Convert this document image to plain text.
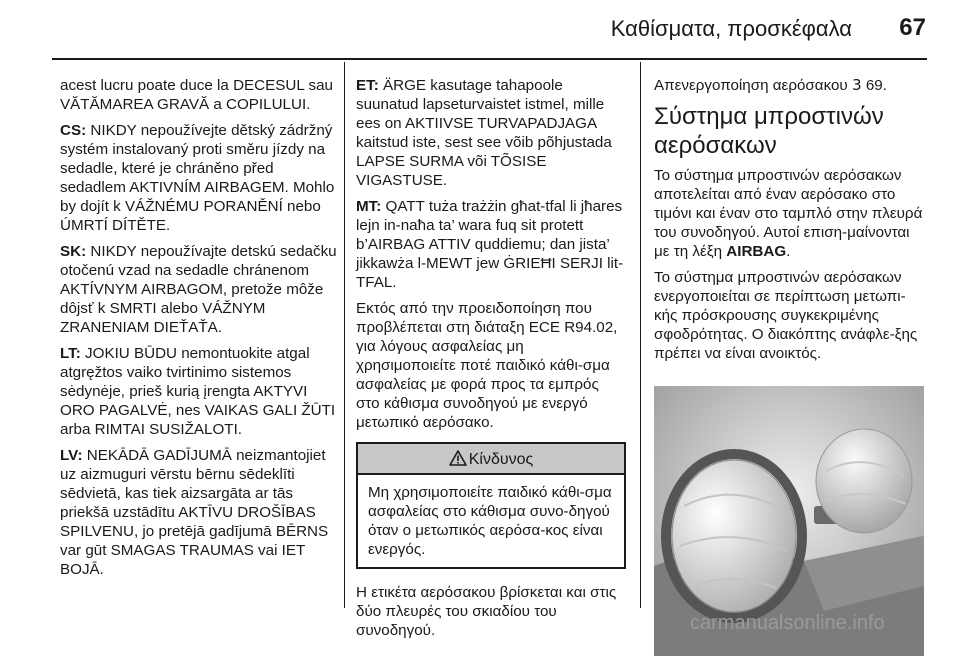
Καθίσματα, προσκέφαλα 67

acest lucru poate duce la DECESUL sau VĂTĂMAREA GRAVĂ a COPILULUI.

CS: NIKDY nepoužívejte dětský zádržný systém instalovaný proti směru jízdy na sedadle, které je chráněno před sedadlem AKTIVNÍM AIRBAGEM. Mohlo by dojít k VÁŽNÉMU PORANĚNÍ nebo ÚMRTÍ DÍTĚTE.

SK: NIKDY nepoužívajte detskú sedačku otočenú vzad na sedadle chránenom AKTÍVNYM AIRBAGOM, pretože môže dôjsť k SMRTI alebo VÁŽNYM ZRANENIAM DIEŤAŤA.

LT: JOKIU BŪDU nemontuokite atgal atgręžtos vaiko tvirtinimo sistemos sėdynėje, prieš kurią įrengta AKTYVI ORO PAGALVĖ, nes VAIKAS GALI ŽŪTI arba RIMTAI SUSIŽALOTI.

LV: NEKĀDĀ GADĪJUMĀ neizmantojiet uz aizmuguri vērstu bērnu sēdeklīti sēdvietā, kas tiek aizsargāta ar tās priekšā uzstādītu AKTĪVU DROŠĪBAS SPILVENU, jo pretējā gadījumā BĒRNS var gūt SMAGAS TRAUMAS vai IET BOJĀ.

ET: ÄRGE kasutage tahapoole suunatud lapseturvaistet istmel, mille ees on AKTIIVSE TURVAPADJAGA kaitstud iste, sest see võib põhjustada LAPSE SURMA või TÕSISE VIGASTUSE.

MT: QATT tuża trażżin għat-tfal li jħares lejn in-naħa ta’ wara fuq sit protett b’AIRBAG ATTIV quddiemu; dan jista’ jikkawża l-MEWT jew ĠRIEĦI SERJI lit-TFAL.

Εκτός από την προειδοποίηση που προβλέπεται στη διάταξη ECE R94.02, για λόγους ασφαλείας μη χρησιμοποιείτε ποτέ παιδικό κάθι‐σμα ασφαλείας με φορά προς τα εμπρός στο κάθισμα συνοδηγού με ενεργό μετωπικό αερόσακο.

Κίνδυνος
Μη χρησιμοποιείτε παιδικό κάθι‐σμα ασφαλείας στο κάθισμα συνο‐δηγού όταν ο μετωπικός αερόσα‐κος είναι ενεργός.

Η ετικέτα αερόσακου βρίσκεται και στις δύο πλευρές του σκιαδίου του συνοδηγού.

Απενεργοποίηση αερόσακου 3 69.

Σύστημα μπροστινών αερόσακων

Το σύστημα μπροστινών αερόσακων αποτελείται από έναν αερόσακο στο τιμόνι και έναν στο ταμπλό στην πλευρά του συνοδηγού. Αυτοί επιση‐μαίνονται με τη λέξη AIRBAG.

Το σύστημα μπροστινών αερόσακων ενεργοποιείται σε περίπτωση μετωπι‐κής πρόσκρουσης συγκεκριμένης σφοδρότητας. Ο διακόπτης ανάφλε‐ξης πρέπει να είναι ανοικτός.

carmanualsonline.info
